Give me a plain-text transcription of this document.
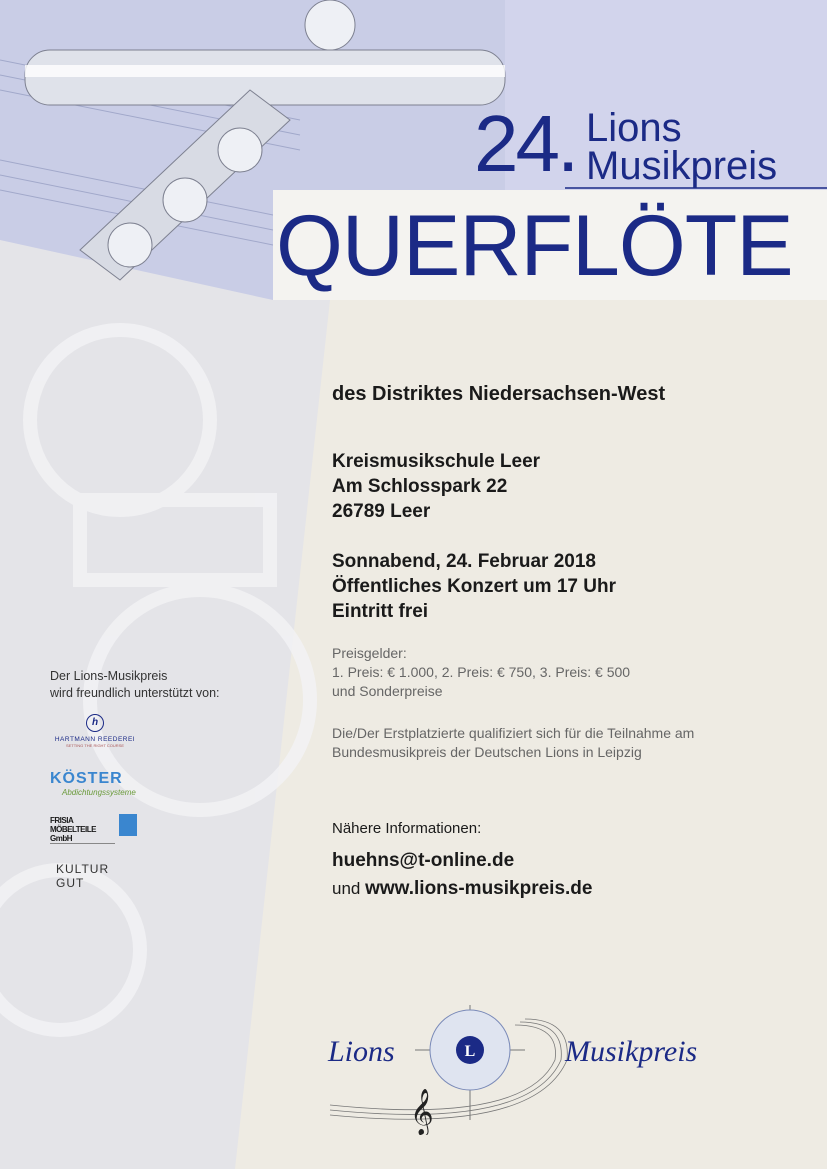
24. Lions
Musikpreis
QUERFLÖTE
des Distriktes Niedersachsen-West
Kreismusikschule Leer
Am Schlosspark 22
26789 Leer
Sonnabend, 24. Februar 2018
Öffentliches Konzert um 17 Uhr
Eintritt frei
Preisgelder:
1. Preis: € 1.000, 2. Preis: € 750, 3. Preis: € 500
und Sonderpreise
Die/Der Erstplatzierte qualifiziert sich für die Teilnahme am
Bundesmusikpreis der Deutschen Lions in Leipzig
Nähere Informationen:
huehns@t-online.de
und www.lions-musikpreis.de
Der Lions-Musikpreis
wird freundlich unterstützt von:
h
HARTMANN REEDEREI
SETTING THE RIGHT COURSE
KÖSTER
Abdichtungssysteme
FRISIA MÖBELTEILE GmbH
KULTUR GUT
L
𝄞
Lions	Musikpreis
